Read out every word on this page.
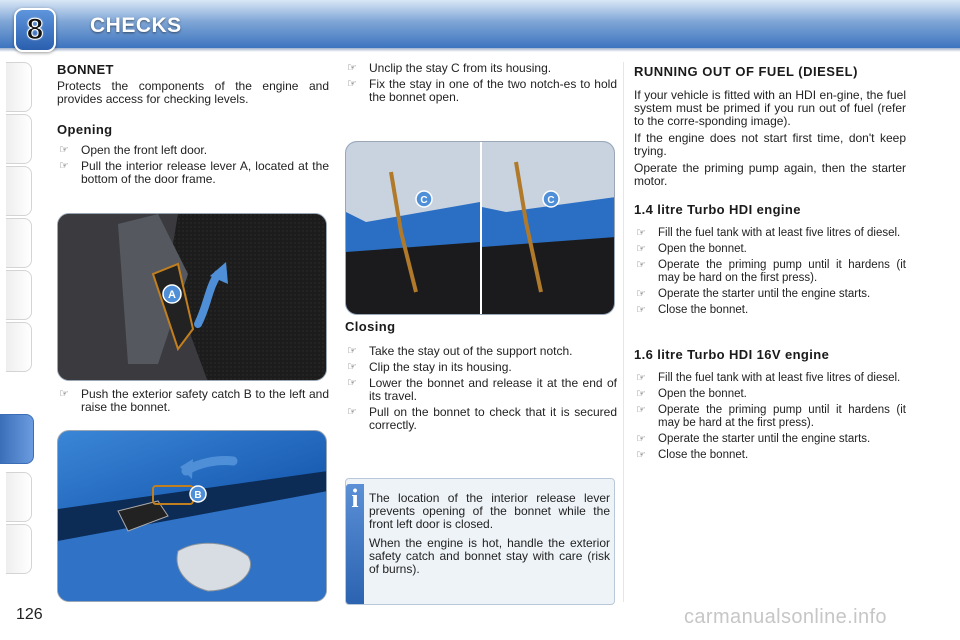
8 CHECKS
BONNET

Protects the components of the engine and provides access for checking levels.

Opening
☞ Open the front left door.
☞ Pull the interior release lever A, located at the bottom of the door frame.
A
☞ Push the exterior safety catch B to the left and raise the bonnet.
B
☞ Unclip the stay C from its housing.
☞ Fix the stay in one of the two notch-es to hold the bonnet open.
C	C
Closing
☞ Take the stay out of the support notch.
☞ Clip the stay in its housing.
☞ Lower the bonnet and release it at the end of its travel.
☞ Pull on the bonnet to check that it is secured correctly.
i The location of the interior release lever prevents opening of the bonnet while the front left door is closed.

When the engine is hot, handle the exterior safety catch and bonnet stay with care (risk of burns).

RUNNING OUT OF FUEL (DIESEL)

If your vehicle is fitted with an HDI en-gine, the fuel system must be primed if you run out of fuel (refer to the corre-sponding image).

If the engine does not start first time, don't keep trying.

Operate the priming pump again, then the starter motor.

1.4 litre Turbo HDI engine
☞ Fill the fuel tank with at least five litres of diesel.
☞ Open the bonnet.
☞ Operate the priming pump until it hardens (it may be hard on the first press).
☞ Operate the starter until the engine starts.
☞ Close the bonnet.
1.6 litre Turbo HDI 16V engine
☞ Fill the fuel tank with at least five litres of diesel.
☞ Open the bonnet.
☞ Operate the priming pump until it hardens (it may be hard at the first press).
☞ Operate the starter until the engine starts.
☞ Close the bonnet.
126	carmanualsonline.info
